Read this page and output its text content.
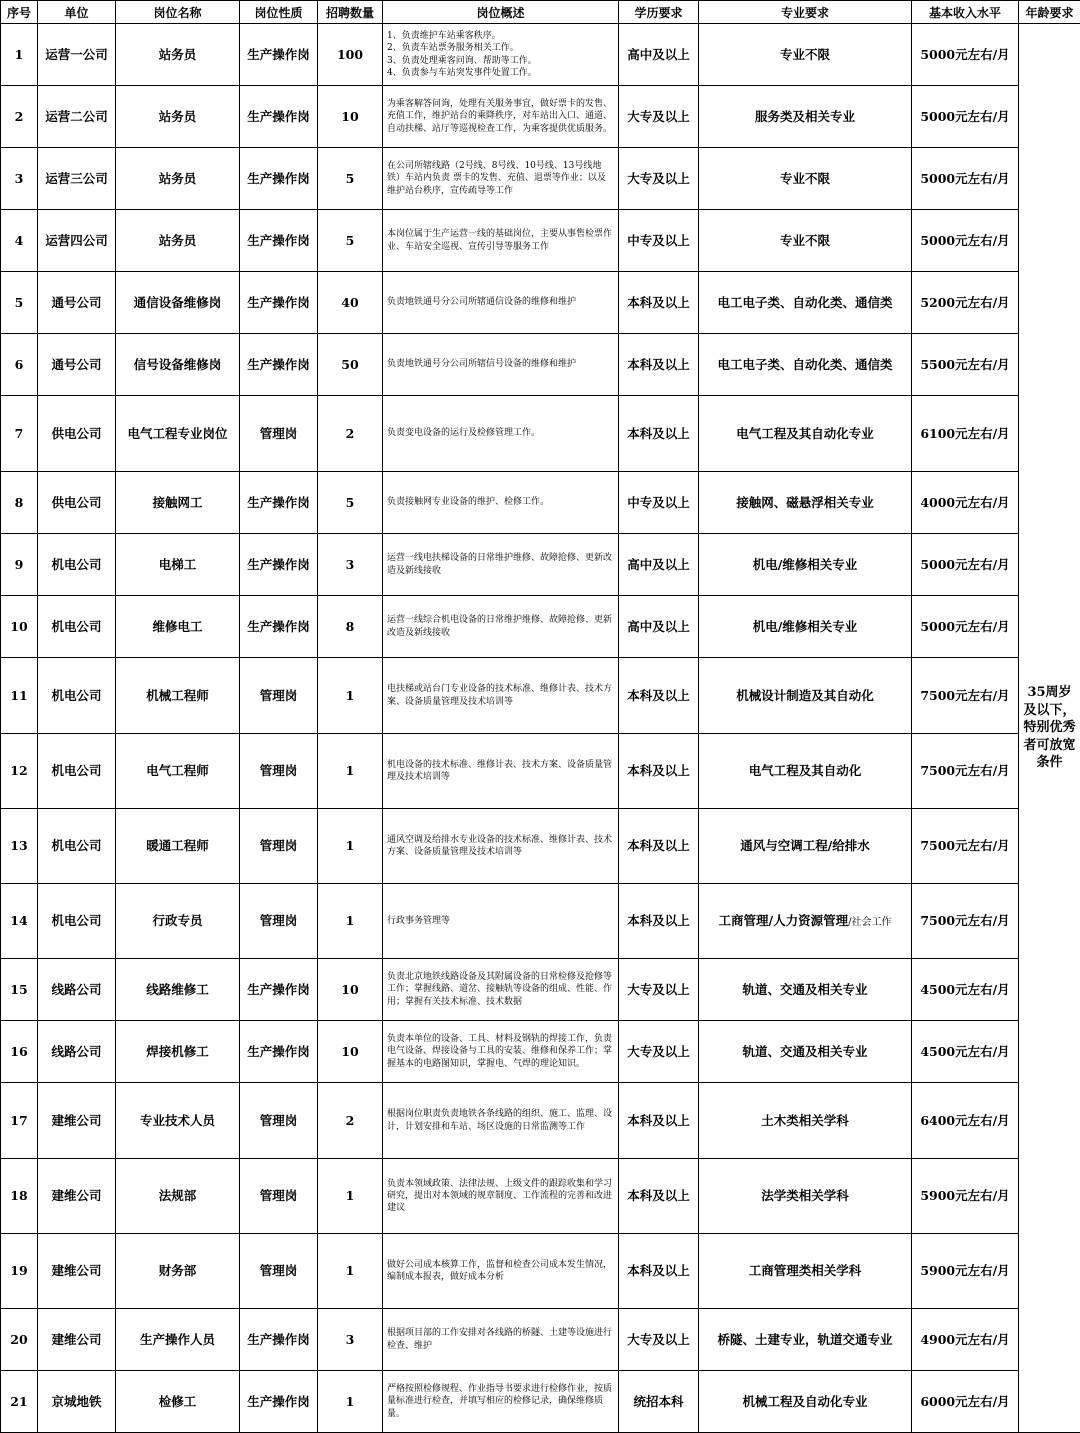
序号	单位	岗位名称	岗位性质	招聘数量	岗位概述	学历要求	专业要求	基本收入水平	年龄要求
1	运营一公司	站务员	生产操作岗	100	1、负责维护车站乘客秩序。
2、负责车站票务服务相关工作。
3、负责处理乘客问询、帮助等工作。
4、负责参与车站突发事件处置工作。	高中及以上	专业不限	5000元左右/月	35周岁及以下，特别优秀者可放宽条件
2	运营二公司	站务员	生产操作岗	10	为乘客解答问询，处理有关服务事宜，做好票卡的发售、充值工作，维护站台的乘降秩序，对车站出入口、通道、自动扶梯、站厅等巡视检查工作，为乘客提供优质服务。	大专及以上	服务类及相关专业	5000元左右/月	
3	运营三公司	站务员	生产操作岗	5	在公司所辖线路（2号线、8号线、10号线、13号线地铁）车站内负责 票卡的发售、充值、退票等作业；以及维护站台秩序，宣传疏导等工作	大专及以上	专业不限	5000元左右/月	
4	运营四公司	站务员	生产操作岗	5	本岗位属于生产运营一线的基础岗位，主要从事售检票作业、车站安全巡视、宣传引导等服务工作	中专及以上	专业不限	5000元左右/月	
5	通号公司	通信设备维修岗	生产操作岗	40	负责地铁通号分公司所辖通信设备的维修和维护	本科及以上	电工电子类、自动化类、通信类	5200元左右/月	
6	通号公司	信号设备维修岗	生产操作岗	50	负责地铁通号分公司所辖信号设备的维修和维护	本科及以上	电工电子类、自动化类、通信类	5500元左右/月	
7	供电公司	电气工程专业岗位	管理岗	2	负责变电设备的运行及检修管理工作。	本科及以上	电气工程及其自动化专业	6100元左右/月	
8	供电公司	接触网工	生产操作岗	5	负责接触网专业设备的维护、检修工作。	中专及以上	接触网、磁悬浮相关专业	4000元左右/月	
9	机电公司	电梯工	生产操作岗	3	运营一线电扶梯设备的日常维护维修、故障抢修、更新改造及新线接收	高中及以上	机电/维修相关专业	5000元左右/月	
10	机电公司	维修电工	生产操作岗	8	运营一线综合机电设备的日常维护维修、故障抢修、更新改造及新线接收	高中及以上	机电/维修相关专业	5000元左右/月	
11	机电公司	机械工程师	管理岗	1	电扶梯或站台门专业设备的技术标准、维修计表、技术方案、设备质量管理及技术培训等	本科及以上	机械设计制造及其自动化	7500元左右/月	
12	机电公司	电气工程师	管理岗	1	机电设备的技术标准、维修计表、技术方案、设备质量管理及技术培训等	本科及以上	电气工程及其自动化	7500元左右/月	
13	机电公司	暖通工程师	管理岗	1	通风空调及给排水专业设备的技术标准、维修计表、技术方案、设备质量管理及技术培训等	本科及以上	通风与空调工程/给排水	7500元左右/月	
14	机电公司	行政专员	管理岗	1	行政事务管理等	本科及以上	工商管理/人力资源管理/社会工作	7500元左右/月	
15	线路公司	线路维修工	生产操作岗	10	负责北京地铁线路设备及其附属设备的日常检修及抢修等工作；掌握线路、道岔、接触轨等设备的组成、性能、作用；掌握有关技术标准、技术数据	大专及以上	轨道、交通及相关专业	4500元左右/月	
16	线路公司	焊接机修工	生产操作岗	10	负责本单位的设备、工具、材料及钢轨的焊接工作，负责电气设备、焊接设备与工具的安装、维修和保养工作；掌握基本的电路图知识，掌握电、气焊的理论知识。	大专及以上	轨道、交通及相关专业	4500元左右/月	
17	建维公司	专业技术人员	管理岗	2	根据岗位职责负责地铁各条线路的组织、施工、监理、设计，计划安排和车站、场区设施的日常监测等工作	本科及以上	土木类相关学科	6400元左右/月	
18	建维公司	法规部	管理岗	1	负责本领域政策、法律法规、上级文件的跟踪收集和学习研究，提出对本领域的规章制度、工作流程的完善和改进建议	本科及以上	法学类相关学科	5900元左右/月	
19	建维公司	财务部	管理岗	1	做好公司成本核算工作，监督和检查公司成本发生情况，编制成本报表，做好成本分析	本科及以上	工商管理类相关学科	5900元左右/月	
20	建维公司	生产操作人员	生产操作岗	3	根据项目部的工作安排对各线路的桥隧、土建等设施进行检查、维护	大专及以上	桥隧、土建专业，轨道交通专业	4900元左右/月	
21	京城地铁	检修工	生产操作岗	1	严格按照检修规程、作业指导书要求进行检修作业，按质量标准进行检查，并填写相应的检修记录，确保维修质量。	统招本科	机械工程及自动化专业	6000元左右/月	
